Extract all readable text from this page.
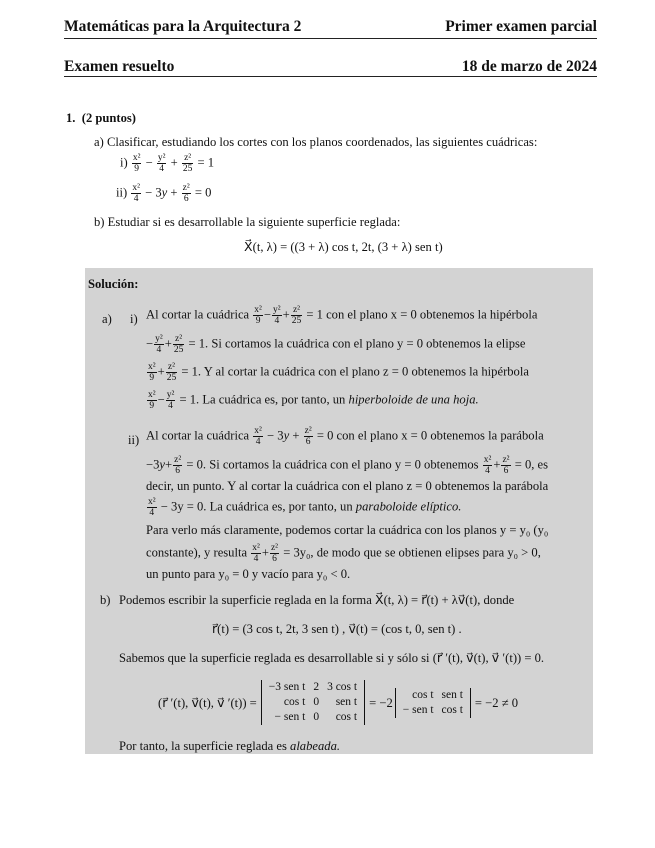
Matemáticas para la Arquitectura 2	Primer examen parcial
Examen resuelto	18 de marzo de 2024
1. (2 puntos)
a) Clasificar, estudiando los cortes con los planos coordenados, las siguientes cuádricas:
$i) \frac{\text{x²}}{9} - \frac{\text{y²}}{4} + \frac{\text{z²}}{25} = 1$
$ii) \frac{\text{x²}}{4} - 3y + \frac{\text{z²}}{6} = 0$
b) Estudiar si es desarrollable la siguiente superficie reglada:
X⃗(t, λ) = ((3 + λ) cos t, 2t, (3 + λ) sen t)
Solución:
a) i) Al cortar la cuádrica $\frac{\text{x²}}{9} - \frac{\text{y²}}{4} + \frac{\text{z²}}{25} = 1$ con el plano x = 0 obtenemos la hipérbola
− $\frac{\text{y²}}{4} + \frac{\text{z²}}{25} = 1$. Si cortamos la cuádrica con el plano y = 0 obtenemos la elipse
$\frac{\text{x²}}{9} + \frac{\text{z²}}{25} = 1$. Y al cortar la cuádrica con el plano z = 0 obtenemos la hipérbola
$\frac{\text{x²}}{9} - \frac{\text{y²}}{4} = 1$. La cuádrica es, por tanto, un hiperboloide de una hoja.
ii) Al cortar la cuádrica $\frac{\text{x²}}{4} - 3y + \frac{\text{z²}}{6} = 0$ con el plano x = 0 obtenemos la parábola
$-3y+ \frac{\text{z²}}{6} = 0$. Si cortamos la cuádrica con el plano y = 0 obtenemos $\frac{\text{x²}}{4} + \frac{\text{z²}}{6} = 0$, es
decir, un punto. Y al cortar la cuádrica con el plano z = 0 obtenemos la parábola
$\frac{\text{x²}}{4} - 3y = 0$. La cuádrica es, por tanto, un paraboloide elíptico.
Para verlo más claramente, podemos cortar la cuádrica con los planos y = y₀ (y₀
constante), y resulta $\frac{\text{x²}}{4} + \frac{\text{z²}}{6} = 3y_0$, de modo que se obtienen elipses para y₀ > 0,
un punto para y₀ = 0 y vacío para y₀ < 0.
b) Podemos escribir la superficie reglada en la forma X⃗(t, λ) = r⃗(t) + λv⃗(t), donde
r⃗(t) = (3 cos t, 2t, 3 sen t) , v⃗(t) = (cos t, 0, sen t) .
Sabemos que la superficie reglada es desarrollable si y sólo si (r⃗ ′(t), v⃗(t), v⃗ ′(t)) = 0.
(r⃗ ′(t), v⃗(t), v⃗ ′(t)) =
−3 sen t	2	3 cos t
cos t	0	sen t
− sen t	0	cos t
= −2
cos t	sen t
− sen t	cos t = −2 ≠ 0
Por tanto, la superficie reglada es alabeada.
